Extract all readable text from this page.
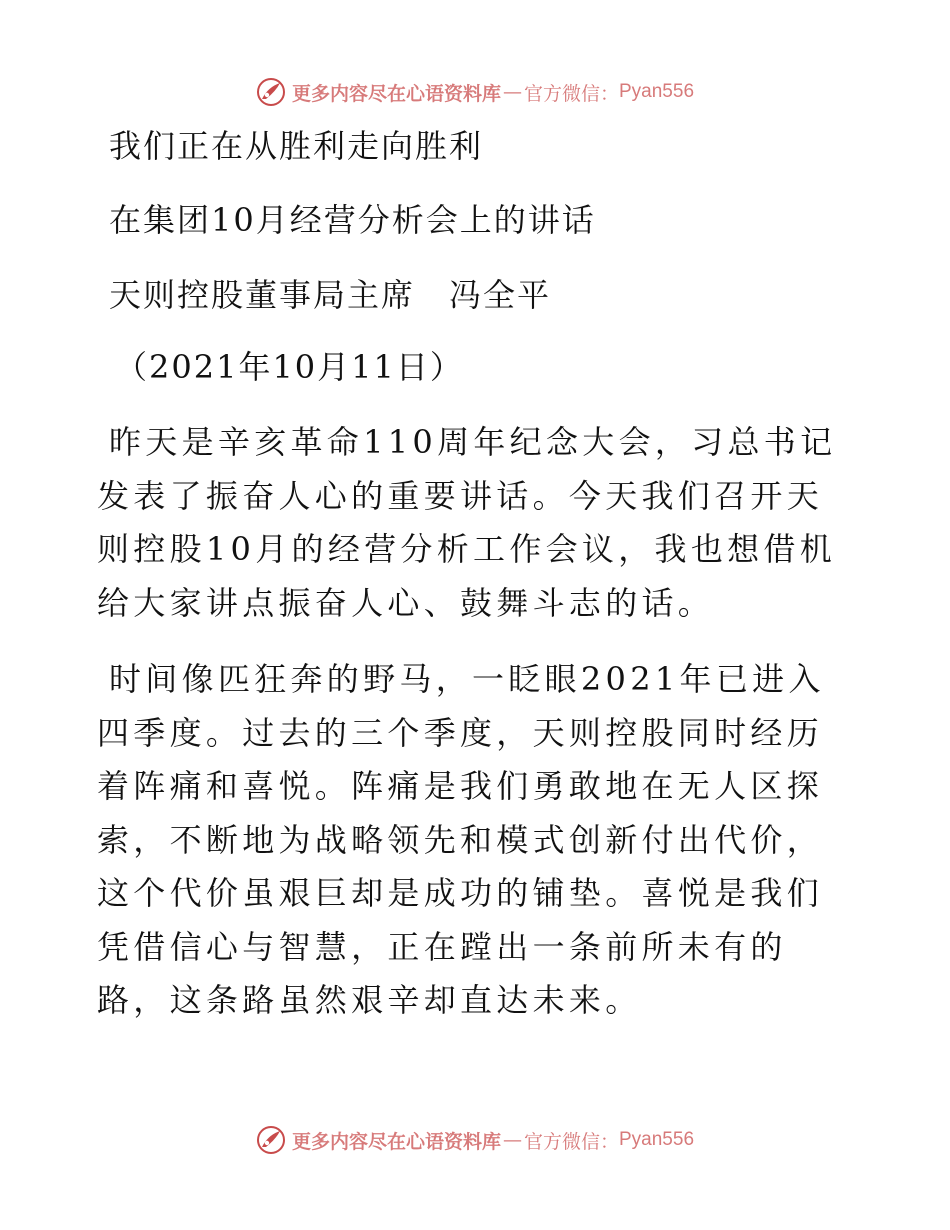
更多内容尽在心语资料库 — 官方微信： Pyan556
我们正在从胜利走向胜利
在集团10月经营分析会上的讲话
天则控股董事局主席　冯全平
（2021年10月11日）

昨天是辛亥革命110周年纪念大会，习总书记发表了振奋人心的重要讲话。今天我们召开天则控股10月的经营分析工作会议，我也想借机给大家讲点振奋人心、鼓舞斗志的话。

时间像匹狂奔的野马，一眨眼2021年已进入四季度。过去的三个季度，天则控股同时经历着阵痛和喜悦。阵痛是我们勇敢地在无人区探索，不断地为战略领先和模式创新付出代价，这个代价虽艰巨却是成功的铺垫。喜悦是我们凭借信心与智慧，正在蹚出一条前所未有的路，这条路虽然艰辛却直达未来。

更多内容尽在心语资料库 — 官方微信： Pyan556
